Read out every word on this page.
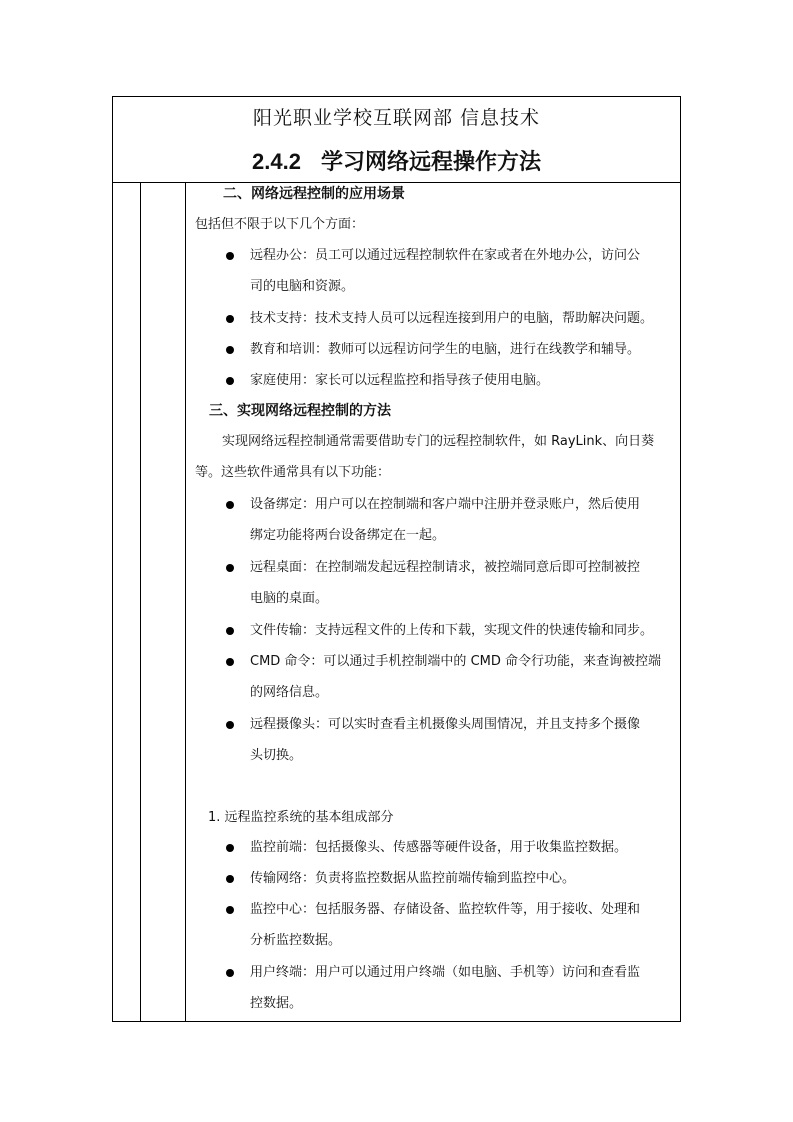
阳光职业学校互联网部 信息技术
2.4.2 学习网络远程操作方法
二、网络远程控制的应用场景
包括但不限于以下几个方面：
远程办公：员工可以通过远程控制软件在家或者在外地办公，访问公
司的电脑和资源。
技术支持：技术支持人员可以远程连接到用户的电脑，帮助解决问题。
教育和培训：教师可以远程访问学生的电脑，进行在线教学和辅导。
家庭使用：家长可以远程监控和指导孩子使用电脑。
三、实现网络远程控制的方法
实现网络远程控制通常需要借助专门的远程控制软件，如 RayLink、向日葵
等。这些软件通常具有以下功能：
设备绑定：用户可以在控制端和客户端中注册并登录账户，然后使用
绑定功能将两台设备绑定在一起。
远程桌面：在控制端发起远程控制请求，被控端同意后即可控制被控
电脑的桌面。
文件传输：支持远程文件的上传和下载，实现文件的快速传输和同步。
CMD 命令：可以通过手机控制端中的 CMD 命令行功能，来查询被控端
的网络信息。
远程摄像头：可以实时查看主机摄像头周围情况，并且支持多个摄像
头切换。
1. 远程监控系统的基本组成部分
监控前端：包括摄像头、传感器等硬件设备，用于收集监控数据。
传输网络：负责将监控数据从监控前端传输到监控中心。
监控中心：包括服务器、存储设备、监控软件等，用于接收、处理和
分析监控数据。
用户终端：用户可以通过用户终端（如电脑、手机等）访问和查看监
控数据。
